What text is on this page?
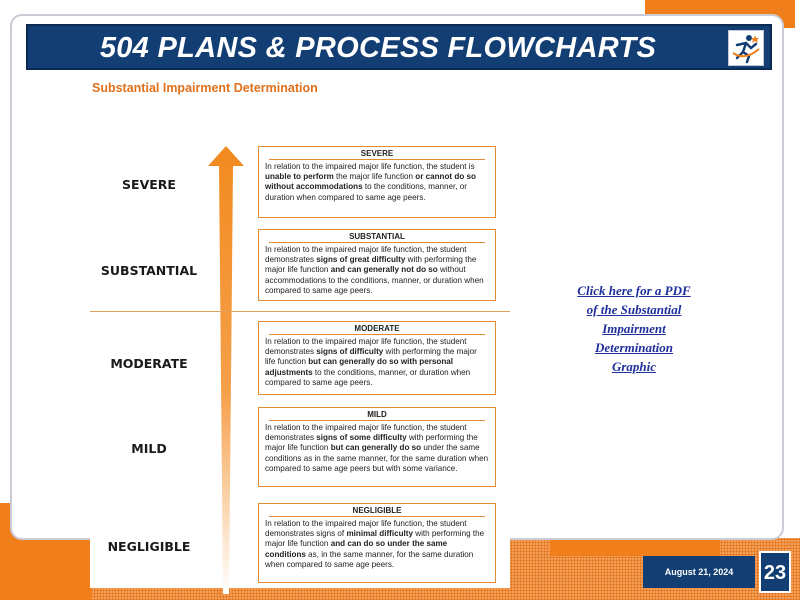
504 PLANS & PROCESS FLOWCHARTS
Substantial Impairment Determination
SEVERE
SUBSTANTIAL
MODERATE
MILD
NEGLIGIBLE
SEVERE
In relation to the impaired major life function, the student is unable to perform the major life function or cannot do so without accommodations to the conditions, manner, or duration when compared to same age peers.
SUBSTANTIAL
In relation to the impaired major life function, the student demonstrates signs of great difficulty with performing the major life function and can generally not do so without accommodations to the conditions, manner, or duration when compared to same age peers.
MODERATE
In relation to the impaired major life function, the student demonstrates signs of difficulty with performing the major life function but can generally do so with personal adjustments to the conditions, manner, or duration when compared to same age peers.
MILD
In relation to the impaired major life function, the student demonstrates signs of some difficulty with performing the major life function but can generally do so under the same conditions as in the same manner, for the same duration when compared to same age peers but with some variance.
NEGLIGIBLE
In relation to the impaired major life function, the student demonstrates signs of minimal difficulty with performing the major life function and can do so under the same conditions as, in the same manner, for the same duration when compared to same age peers.
Click here for a PDF
of the Substantial
Impairment
Determination
Graphic
August 21, 2024	23
